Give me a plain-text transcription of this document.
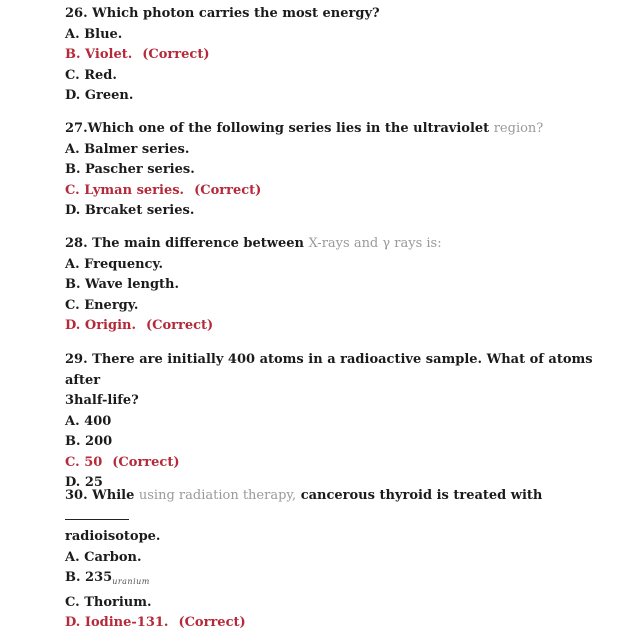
26. Which photon carries the most energy?
A. Blue.
B. Violet. (Correct)
C. Red.
D. Green.
27.Which one of the following series lies in the ultraviolet region?
A. Balmer series.
B. Pascher series.
C. Lyman series. (Correct)
D. Brcaket series.
28. The main difference between X-rays and γ rays is:
A. Frequency.
B. Wave length.
C. Energy.
D. Origin. (Correct)
29. There are initially 400 atoms in a radioactive sample. What of atoms after
3half-life?
A. 400
B. 200
C. 50 (Correct)
D. 25
30. While using radiation therapy, cancerous thyroid is treated with
radioisotope.
A. Carbon.
B. $235_{uranium}$
C. Thorium.
D. Iodine-131. (Correct)
